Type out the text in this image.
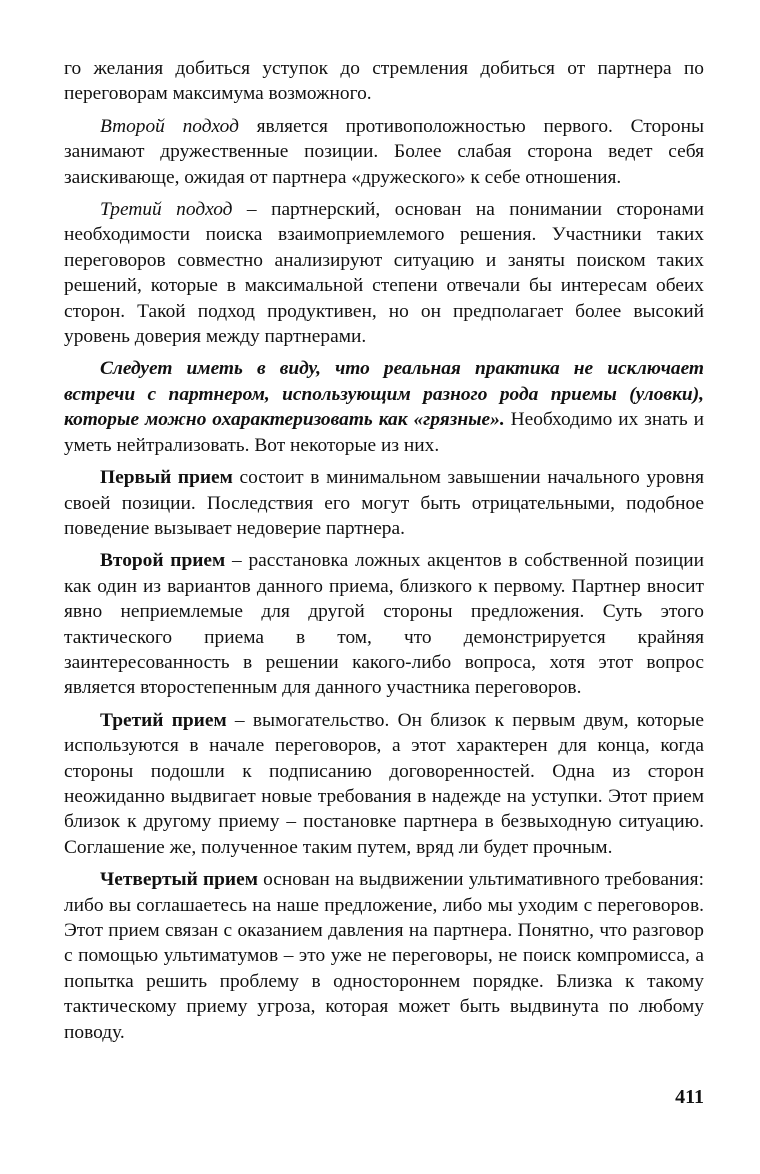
го желания добиться уступок до стремления добиться от партнера по переговорам максимума возможного.

Второй подход является противоположностью первого. Стороны занимают дружественные позиции. Более слабая сторона ведет себя заискивающе, ожидая от партнера «дружеского» к себе отношения.

Третий подход – партнерский, основан на понимании сторонами необходимости поиска взаимоприемлемого решения. Участники таких переговоров совместно анализируют ситуацию и заняты поиском таких решений, которые в максимальной степени отвечали бы интересам обеих сторон. Такой подход продуктивен, но он предполагает более высокий уровень доверия между партнерами.

Следует иметь в виду, что реальная практика не исключает встречи с партнером, использующим разного рода приемы (уловки), которые можно охарактеризовать как «грязные». Необходимо их знать и уметь нейтрализовать. Вот некоторые из них.

Первый прием состоит в минимальном завышении начального уровня своей позиции. Последствия его могут быть отрицательными, подобное поведение вызывает недоверие партнера.

Второй прием – расстановка ложных акцентов в собственной позиции как один из вариантов данного приема, близкого к первому. Партнер вносит явно неприемлемые для другой стороны предложения. Суть этого тактического приема в том, что демонстрируется крайняя заинтересованность в решении какого-либо вопроса, хотя этот вопрос является второстепенным для данного участника переговоров.

Третий прием – вымогательство. Он близок к первым двум, которые используются в начале переговоров, а этот характерен для конца, когда стороны подошли к подписанию договоренностей. Одна из сторон неожиданно выдвигает новые требования в надежде на уступки. Этот прием близок к другому приему – постановке партнера в безвыходную ситуацию. Соглашение же, полученное таким путем, вряд ли будет прочным.

Четвертый прием основан на выдвижении ультимативного требования: либо вы соглашаетесь на наше предложение, либо мы уходим с переговоров. Этот прием связан с оказанием давления на партнера. Понятно, что разговор с помощью ультиматумов – это уже не переговоры, не поиск компромисса, а попытка решить проблему в одностороннем порядке. Близка к такому тактическому приему угроза, которая может быть выдвинута по любому поводу.

411
